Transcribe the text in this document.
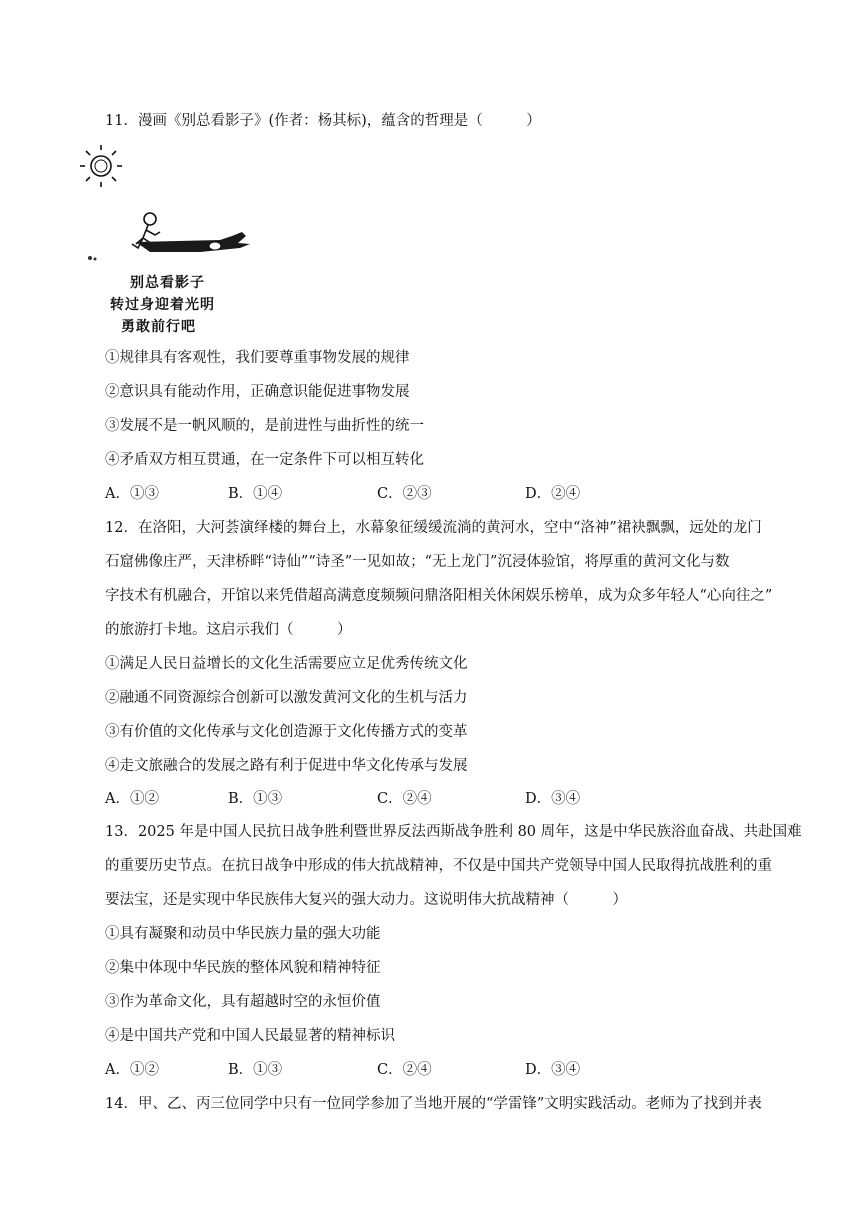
11．漫画《别总看影子》(作者：杨其标)，蕴含的哲理是（　　　）
别总看影子
转过身迎着光明
勇敢前行吧
①规律具有客观性，我们要尊重事物发展的规律
②意识具有能动作用，正确意识能促进事物发展
③发展不是一帆风顺的，是前进性与曲折性的统一
④矛盾双方相互贯通，在一定条件下可以相互转化
A．①③	B．①④	C．②③	D．②④
12．在洛阳，大河荟演绎楼的舞台上，水幕象征缓缓流淌的黄河水，空中“洛神”裙袂飘飘，远处的龙门
石窟佛像庄严，天津桥畔“诗仙”“诗圣”一见如故；“无上龙门”沉浸体验馆，将厚重的黄河文化与数
字技术有机融合，开馆以来凭借超高满意度频频问鼎洛阳相关休闲娱乐榜单，成为众多年轻人“心向往之”
的旅游打卡地。这启示我们（　　　）
①满足人民日益增长的文化生活需要应立足优秀传统文化
②融通不同资源综合创新可以激发黄河文化的生机与活力
③有价值的文化传承与文化创造源于文化传播方式的变革
④走文旅融合的发展之路有利于促进中华文化传承与发展
A．①②	B．①③	C．②④	D．③④
13．2025 年是中国人民抗日战争胜利暨世界反法西斯战争胜利 80 周年，这是中华民族浴血奋战、共赴国难
的重要历史节点。在抗日战争中形成的伟大抗战精神，不仅是中国共产党领导中国人民取得抗战胜利的重
要法宝，还是实现中华民族伟大复兴的强大动力。这说明伟大抗战精神（　　　）
①具有凝聚和动员中华民族力量的强大功能
②集中体现中华民族的整体风貌和精神特征
③作为革命文化，具有超越时空的永恒价值
④是中国共产党和中国人民最显著的精神标识
A．①②	B．①③	C．②④	D．③④
14．甲、乙、丙三位同学中只有一位同学参加了当地开展的“学雷锋”文明实践活动。老师为了找到并表
